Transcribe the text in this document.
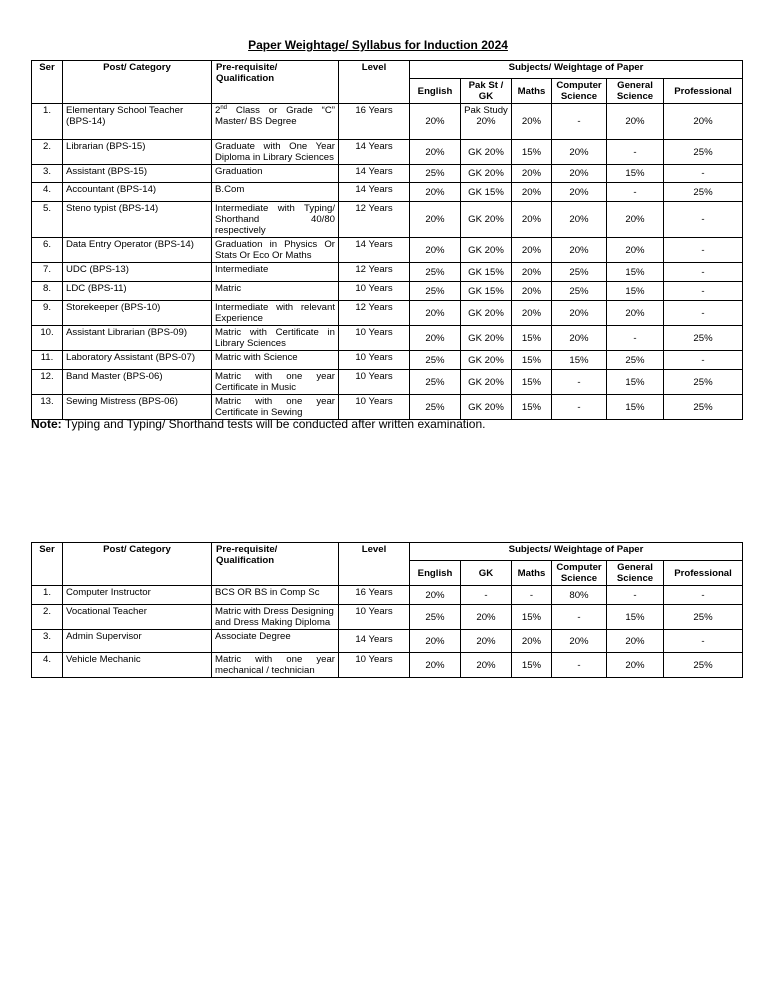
Paper Weightage/ Syllabus for Induction 2024
Ser	Post/ Category	Pre-requisite/ Qualification	Level	Subjects/ Weightage of Paper					
				English	Pak St / GK	Maths	Computer Science	General Science	Professional
1.	Elementary School Teacher (BPS-14)	2nd Class or Grade “C” Master/ BS Degree	16 Years	20%	Pak Study 20%	20%	-	20%	20%
2.	Librarian (BPS-15)	Graduate with One Year Diploma in Library Sciences	14 Years	20%	GK 20%	15%	20%	-	25%
3.	Assistant (BPS-15)	Graduation	14 Years	25%	GK 20%	20%	20%	15%	-
4.	Accountant (BPS-14)	B.Com	14 Years	20%	GK 15%	20%	20%	-	25%
5.	Steno typist (BPS-14)	Intermediate with Typing/ Shorthand 40/80 respectively	12 Years	20%	GK 20%	20%	20%	20%	-
6.	Data Entry Operator (BPS-14)	Graduation in Physics Or Stats Or Eco Or Maths	14 Years	20%	GK 20%	20%	20%	20%	-
7.	UDC (BPS-13)	Intermediate	12 Years	25%	GK 15%	20%	25%	15%	-
8.	LDC (BPS-11)	Matric	10 Years	25%	GK 15%	20%	25%	15%	-
9.	Storekeeper (BPS-10)	Intermediate with relevant Experience	12 Years	20%	GK 20%	20%	20%	20%	-
10.	Assistant Librarian (BPS-09)	Matric with Certificate in Library Sciences	10 Years	20%	GK 20%	15%	20%	-	25%
11.	Laboratory Assistant (BPS-07)	Matric with Science	10 Years	25%	GK 20%	15%	15%	25%	-
12.	Band Master (BPS-06)	Matric with one year Certificate in Music	10 Years	25%	GK 20%	15%	-	15%	25%
13.	Sewing Mistress (BPS-06)	Matric with one year Certificate in Sewing	10 Years	25%	GK 20%	15%	-	15%	25%
Note: Typing and Typing/ Shorthand tests will be conducted after written examination.
Ser	Post/ Category	Pre-requisite/ Qualification	Level	Subjects/ Weightage of Paper					
				English	GK	Maths	Computer Science	General Science	Professional
1.	Computer Instructor	BCS OR BS in Comp Sc	16 Years	20%	-	-	80%	-	-
2.	Vocational Teacher	Matric with Dress Designing and Dress Making Diploma	10 Years	25%	20%	15%	-	15%	25%
3.	Admin Supervisor	Associate Degree	14 Years	20%	20%	20%	20%	20%	-
4.	Vehicle Mechanic	Matric with one year mechanical / technician	10 Years	20%	20%	15%	-	20%	25%
